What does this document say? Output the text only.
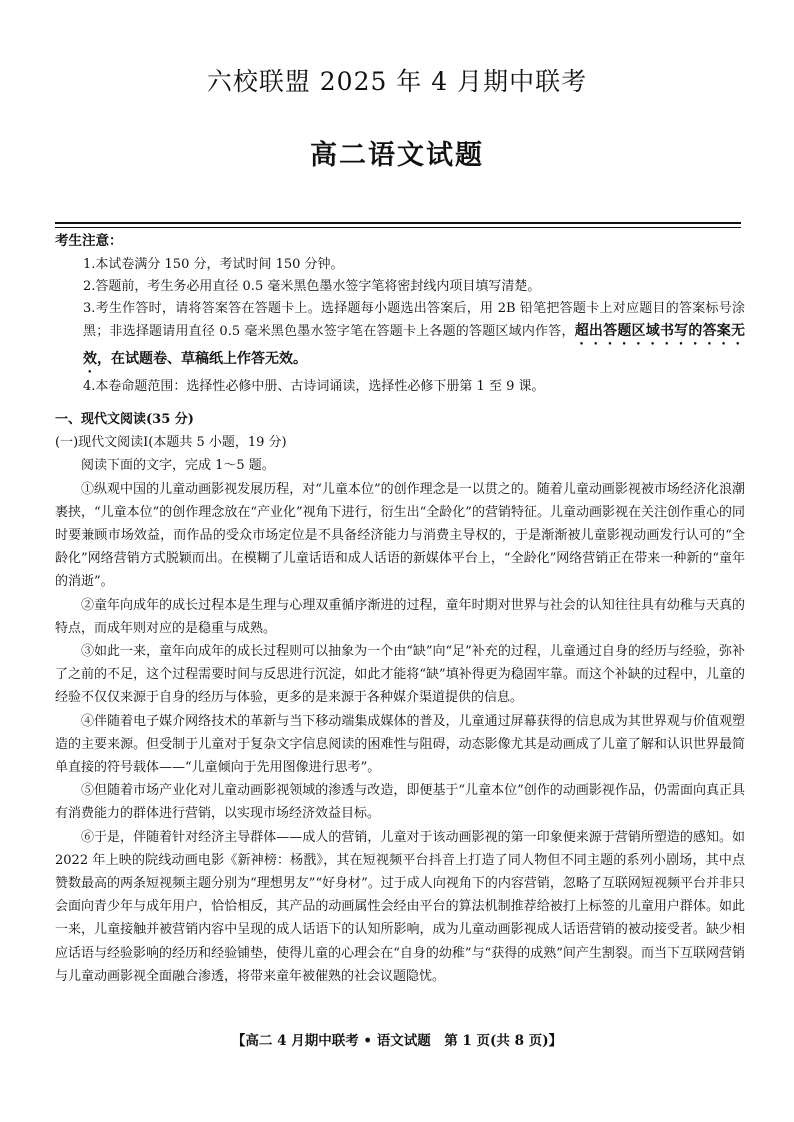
六校联盟 2025 年 4 月期中联考
高二语文试题
考生注意：
1.本试卷满分 150 分，考试时间 150 分钟。
2.答题前，考生务必用直径 0.5 毫米黑色墨水签字笔将密封线内项目填写清楚。
3.考生作答时，请将答案答在答题卡上。选择题每小题选出答案后，用 2B 铅笔把答题卡上对应题目的答案标号涂黑；非选择题请用直径 0.5 毫米黑色墨水签字笔在答题卡上各题的答题区域内作答，超出答题区域书写的答案无效，在试题卷、草稿纸上作答无效。
4.本卷命题范围：选择性必修中册、古诗词诵读，选择性必修下册第 1 至 9 课。
一、现代文阅读(35 分)
(一)现代文阅读Ⅰ(本题共 5 小题，19 分)

阅读下面的文字，完成 1～5 题。

①纵观中国的儿童动画影视发展历程，对“儿童本位”的创作理念是一以贯之的。随着儿童动画影视被市场经济化浪潮裹挟，“儿童本位”的创作理念放在“产业化”视角下进行，衍生出“全龄化”的营销特征。儿童动画影视在关注创作重心的同时要兼顾市场效益，而作品的受众市场定位是不具备经济能力与消费主导权的，于是渐渐被儿童影视动画发行认可的“全龄化”网络营销方式脱颖而出。在模糊了儿童话语和成人话语的新媒体平台上，“全龄化”网络营销正在带来一种新的“童年的消逝”。

②童年向成年的成长过程本是生理与心理双重循序渐进的过程，童年时期对世界与社会的认知往往具有幼稚与天真的特点，而成年则对应的是稳重与成熟。

③如此一来，童年向成年的成长过程则可以抽象为一个由“缺”向“足”补充的过程，儿童通过自身的经历与经验，弥补了之前的不足，这个过程需要时间与反思进行沉淀，如此才能将“缺”填补得更为稳固牢靠。而这个补缺的过程中，儿童的经验不仅仅来源于自身的经历与体验，更多的是来源于各种媒介渠道提供的信息。

④伴随着电子媒介网络技术的革新与当下移动端集成媒体的普及，儿童通过屏幕获得的信息成为其世界观与价值观塑造的主要来源。但受制于儿童对于复杂文字信息阅读的困难性与阻碍，动态影像尤其是动画成了儿童了解和认识世界最简单直接的符号载体——“儿童倾向于先用图像进行思考”。

⑤但随着市场产业化对儿童动画影视领域的渗透与改造，即便基于“儿童本位”创作的动画影视作品，仍需面向真正具有消费能力的群体进行营销，以实现市场经济效益目标。

⑥于是，伴随着针对经济主导群体——成人的营销，儿童对于该动画影视的第一印象便来源于营销所塑造的感知。如 2022 年上映的院线动画电影《新神榜：杨戬》，其在短视频平台抖音上打造了同人物但不同主题的系列小剧场，其中点赞数最高的两条短视频主题分别为“理想男友”“好身材”。过于成人向视角下的内容营销，忽略了互联网短视频平台并非只会面向青少年与成年用户，恰恰相反，其产品的动画属性会经由平台的算法机制推荐给被打上标签的儿童用户群体。如此一来，儿童接触并被营销内容中呈现的成人话语下的认知所影响，成为儿童动画影视成人话语营销的被动接受者。缺少相应话语与经验影响的经历和经验铺垫，使得儿童的心理会在“自身的幼稚”与“获得的成熟”间产生割裂。而当下互联网营销与儿童动画影视全面融合渗透，将带来童年被催熟的社会议题隐忧。

【高二 4 月期中联考 • 语文试题　第 1 页(共 8 页)】
